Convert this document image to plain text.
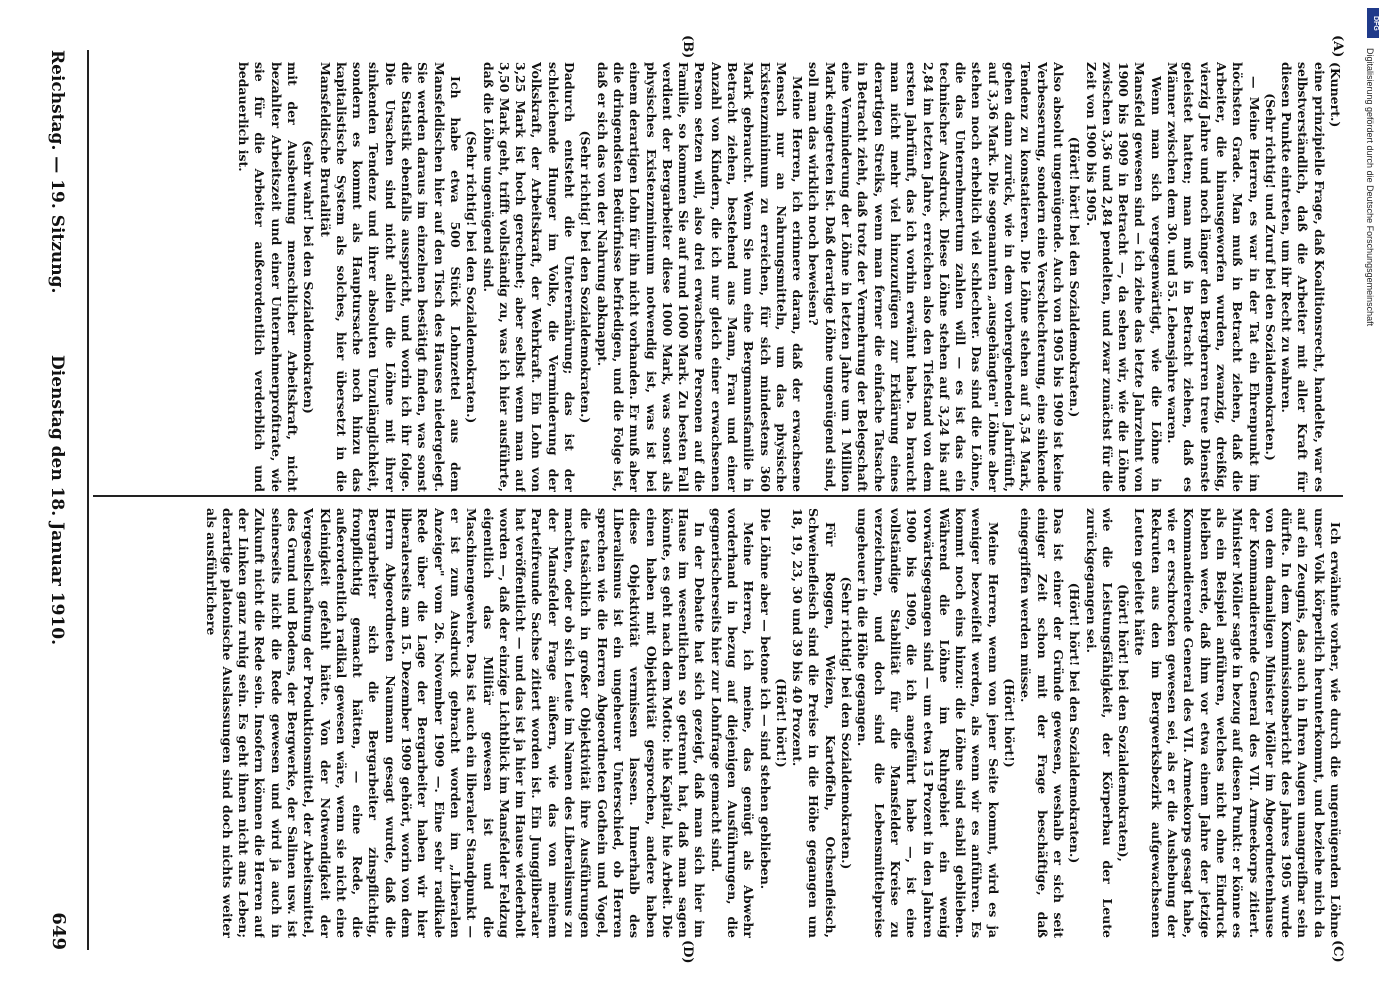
Reichstag. — 19. Sitzung.
Dienstag den 18. Januar 1910.
649
(A)
(B)
(C)
(D)

(Kunert.)

eine prinzipielle Frage, daß Koalitionsrecht, handelte, war es selbstverständlich, daß die Arbeiter mit aller Kraft für diesen Punkte eintreten, um ihr Recht zu wahren.

(Sehr richtig! und Zuruf bei den Sozialdemokraten.)

— Meine Herren, es war in der Tat ein Ehrenpunkt im höchsten Grade. Man muß in Betracht ziehen, daß die Arbeiter, die hinausgeworfen wurden, zwanzig, dreißig, vierzig Jahre und noch länger den Bergherren treue Dienste geleistet hatten; man muß in Betracht ziehen, daß es Männer zwischen dem 30. und 55. Lebensjahre waren.

Wenn man sich vergegenwärtigt, wie die Löhne in Mansfeld gewesen sind — ich ziehe das letzte Jahrzehnt von 1900 bis 1909 in Betracht —, da sehen wir, wie die Löhne zwischen 3,36 und 2,84 pendelten, und zwar zunächst für die Zeit von 1900 bis 1905.

(Hört! hört! bei den Sozialdemokraten.)

Also absolut ungenügende. Auch von 1905 bis 1909 ist keine Verbesserung, sondern eine Verschlechterung, eine sinkende Tendenz zu konstatieren. Die Löhne stehen auf 3,54 Mark, gehen dann zurück, wie in dem vorhergehenden Jahrfünft, auf 3,36 Mark. Die sogenannten „ausgehängten" Löhne aber stehen noch erheblich viel schlechter. Das sind die Löhne, die das Unternehmertum zahlen will — es ist das ein technischer Ausdruck. Diese Löhne stehen auf 3,24 bis auf 2,84 im letzten Jahre, erreichen also den Tiefstand von dem ersten Jahrfünft, das ich vorhin erwähnt habe. Da braucht man nicht mehr viel hinzuzufügen zur Erklärung eines derartigen Streiks, wenn man ferner die einfache Tatsache in Betracht zieht, daß trotz der Vermehrung der Belegschaft eine Verminderung der Löhne in letzten Jahre um 1 Million Mark eingetreten ist. Daß derartige Löhne ungenügend sind, soll man das wirklich noch beweisen?

Meine Herren, ich erinnere daran, daß der erwachsene Mensch nur an Nahrungsmitteln, um das physische Existenzminimum zu erreichen, für sich mindestens 360 Mark gebraucht. Wenn Sie nun eine Bergmannsfamilie in Betracht ziehen, bestehend aus Mann, Frau und einer Anzahl von Kindern, die ich nur gleich einer erwachsenen Person setzen will, also drei erwachsene Personen auf die Familie, so kommen Sie auf rund 1000 Mark. Zu besten Fall verdient der Bergarbeiter diese 1000 Mark, was sonst als physisches Existenzminimum notwendig ist, was ist bei einem derartigen Lohn für ihn nicht vorhanden. Er muß aber die dringendsten Bedürfnisse befriedigen, und die Folge ist, daß er sich das von der Nahrung abknappt.

(Sehr richtig! bei den Sozialdemokraten.)

Dadurch entsteht die Unterernährung; das ist der schleichende Hunger im Volke, die Verminderung der Volkskraft, der Arbeitskraft, der Wehrkraft. Ein Lohn von 3,25 Mark ist hoch gerechnet; aber selbst wenn man auf 3,50 Mark geht, trifft vollständig zu, was ich hier ausführte, daß die Löhne ungenügend sind.

(Sehr richtig! bei den Sozialdemokraten.)

Ich habe etwa 500 Stück Lohnzettel aus dem Mansfeldischen hier auf den Tisch des Hauses niedergelegt. Sie werden daraus im einzelnen bestätigt finden, was sonst die Statistik ebenfalls ausspricht, und worin ich ihr folge. Die Ursachen sind nicht allein die Löhne mit ihrer sinkenden Tendenz und ihrer absoluten Unzulänglichkeit, sondern es kommt als Hauptursache noch hinzu das kapitalistische System als solches, hier übersetzt in die Mansfeldische Brutalität

(sehr wahr! bei den Sozialdemokraten)

mit der Ausbeutung menschlicher Arbeitskraft, nicht bezahlter Arbeitszeit und einer Unternehmerprofitrate, wie sie für die Arbeiter außerordentlich verderblich und bedauerlich ist.

Ich erwähnte vorher, wie durch die ungenügenden Löhne unser Volk körperlich herunterkommt, und beziehe mich da auf ein Zeugnis, das auch in Ihren Augen unangreifbar sein dürfte. In dem Kommissionsbericht des Jahres 1905 wurde von dem damaligen Minister Möller im Abgeordnetenhause der Kommandierende General des VII. Armeekorps zitiert. Minister Möller sagte in bezug auf diesen Punkt: er könne es als ein Beispiel anführen, welches nicht ohne Eindruck bleiben werde, daß ihm vor etwa einem Jahre der jetzige Kommandierende General des VII. Armeekorps gesagt habe, wie er erschrocken gewesen sei, als er die Aushebung der Rekruten aus den im Bergwerksbezirk aufgewachsenen Leuten geleitet hätte

(hört! hört! bei den Sozialdemokraten),

wie die Leistungsfähigkeit, der Körperbau der Leute zurückgegangen sei.

(Hört! hört! bei den Sozialdemokraten.)

Das ist einer der Gründe gewesen, weshalb er sich seit einiger Zeit schon mit der Frage beschäftige, daß eingegriffen werden müsse.

(Hört! hört!)

Meine Herren, wenn von jener Seite kommt, wird es ja weniger bezweifelt werden, als wenn wir es anführen. Es kommt noch eins hinzu: die Löhne sind stabil geblieben. Während die Löhne im Ruhrgebiet ein wenig vorwärtsgegangen sind — um etwa 15 Prozent in den Jahren 1900 bis 1909, die ich angeführt habe —, ist eine vollständige Stabilität für die Mansfelder Kreise zu verzeichnen, und doch sind die Lebensmittelpreise ungeheuer in die Höhe gegangen.

(Sehr richtig! bei den Sozialdemokraten.)

Für Roggen, Weizen, Kartoffeln, Ochsenfleisch, Schweinefleisch sind die Preise in die Höhe gegangen um 18, 19, 23, 30 und 39 bis 40 Prozent.

(Hört! hört!)

Die Löhne aber — betone ich — sind stehen geblieben.

Meine Herren, ich meine, das genügt als Abwehr vorderhand in bezug auf diejenigen Ausführungen, die gegnerischerseits hier zur Lohnfrage gemacht sind.

In der Debatte hat sich gezeigt, daß man sich hier im Hause im wesentlichen so getrennt hat, daß man sagen könnte, es geht nach dem Motto: hie Kapital, hie Arbeit. Die einen haben mit Objektivität gesprochen, andere haben diese Objektivität vermissen lassen. Innerhalb des Liberalismus ist ein ungeheurer Unterschied, ob Herren sprechen wie die Herren Abgeordneten Gothein und Vogel, die tatsächlich in großer Objektivität ihre Ausführungen machten, oder ob sich Leute im Namen des Liberalismus zu der Mansfelder Frage äußern, wie das von meinem Parteifreunde Sachse zitiert worden ist. Ein Junggliberaler hat veröffentlicht — und das ist ja hier im Hause wiederholt worden —, daß der einzige Lichtblick im Mansfelder Feldzug eigentlich das Militär gewesen ist und die Maschinengewehre. Das ist auch ein liberaler Standpunkt — er ist zum Ausdruck gebracht worden im „Liberalen Anzeiger" vom 26. November 1909 —. Eine sehr radikale Rede über die Lage der Bergarbeiter haben wir hier liberalerseits am 15. Dezember 1909 gehört, worin von dem Herrn Abgeordneten Naumann gesagt wurde, daß die Bergarbeiter sich die Bergarbeiter zinspflichtig, fronpflichtig gemacht hätten, — eine Rede, die außerordentlich radikal gewesen wäre, wenn sie nicht eine Kleinigkeit gefehlt hätte. Von der Notwendigkeit der Vergesellschaftung der Produktionsmittel, der Arbeitsmittel, des Grund und Bodens, der Bergwerke, der Salinen usw. ist seinerseits nicht die Rede gewesen und wird ja auch in Zukunft nicht die Rede sein. Insofern können die Herren auf der Linken ganz ruhig sein. Es geht ihnen nicht ans Leben; derartige platonische Auslassungen sind doch nichts weiter als ausführlichere

DFG
Digitalisierung gefördert durch die Deutsche Forschungsgemeinschaft
